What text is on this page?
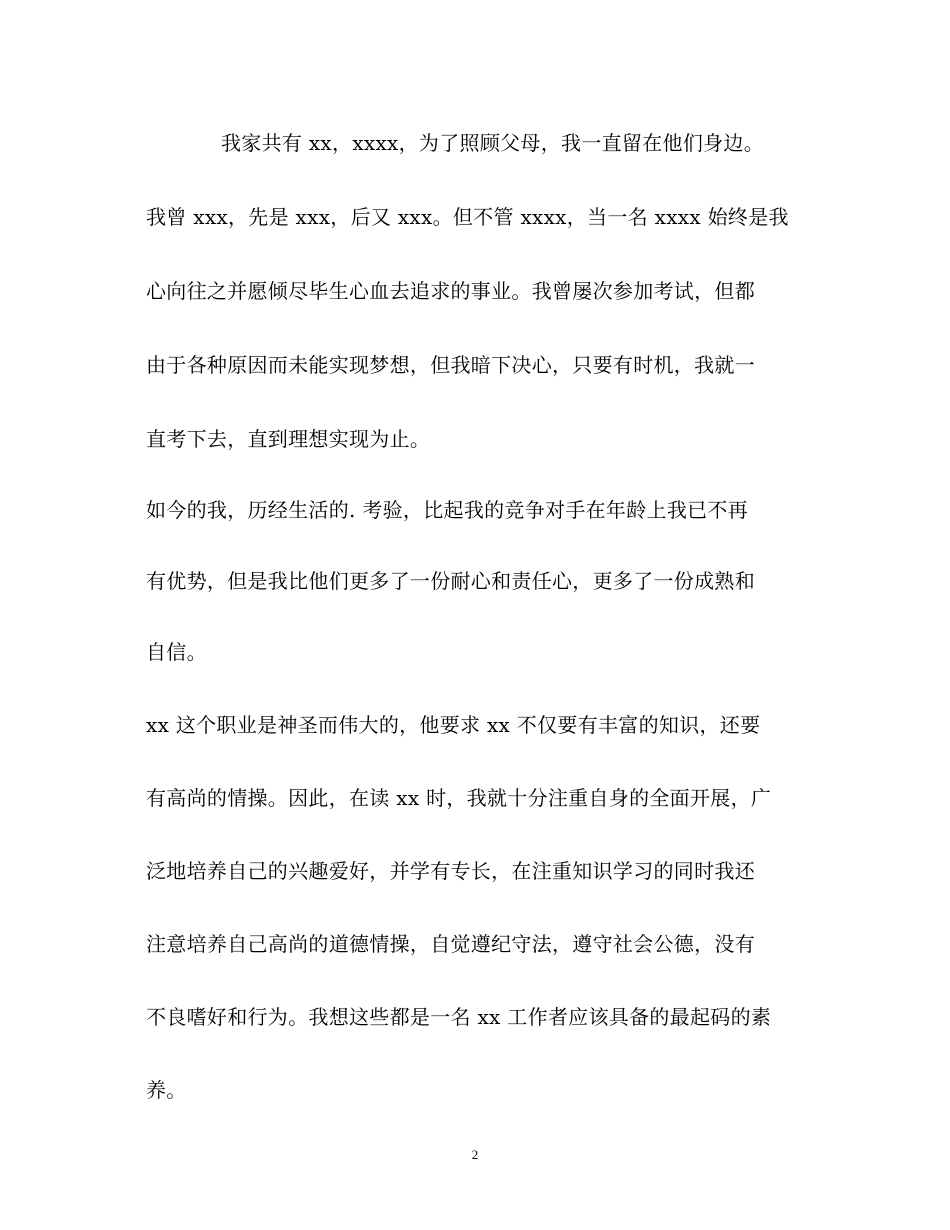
我家共有 xx，xxxx，为了照顾父母，我一直留在他们身边。
我曾 xxx，先是 xxx，后又 xxx。但不管 xxxx，当一名 xxxx 始终是我
心向往之并愿倾尽毕生心血去追求的事业。我曾屡次参加考试，但都
由于各种原因而未能实现梦想，但我暗下决心，只要有时机，我就一
直考下去，直到理想实现为止。
如今的我，历经生活的. 考验，比起我的竞争对手在年龄上我已不再
有优势，但是我比他们更多了一份耐心和责任心，更多了一份成熟和
自信。
xx 这个职业是神圣而伟大的，他要求 xx 不仅要有丰富的知识，还要
有高尚的情操。因此，在读 xx 时，我就十分注重自身的全面开展，广
泛地培养自己的兴趣爱好，并学有专长，在注重知识学习的同时我还
注意培养自己高尚的道德情操，自觉遵纪守法，遵守社会公德，没有
不良嗜好和行为。我想这些都是一名 xx 工作者应该具备的最起码的素
养。
2
